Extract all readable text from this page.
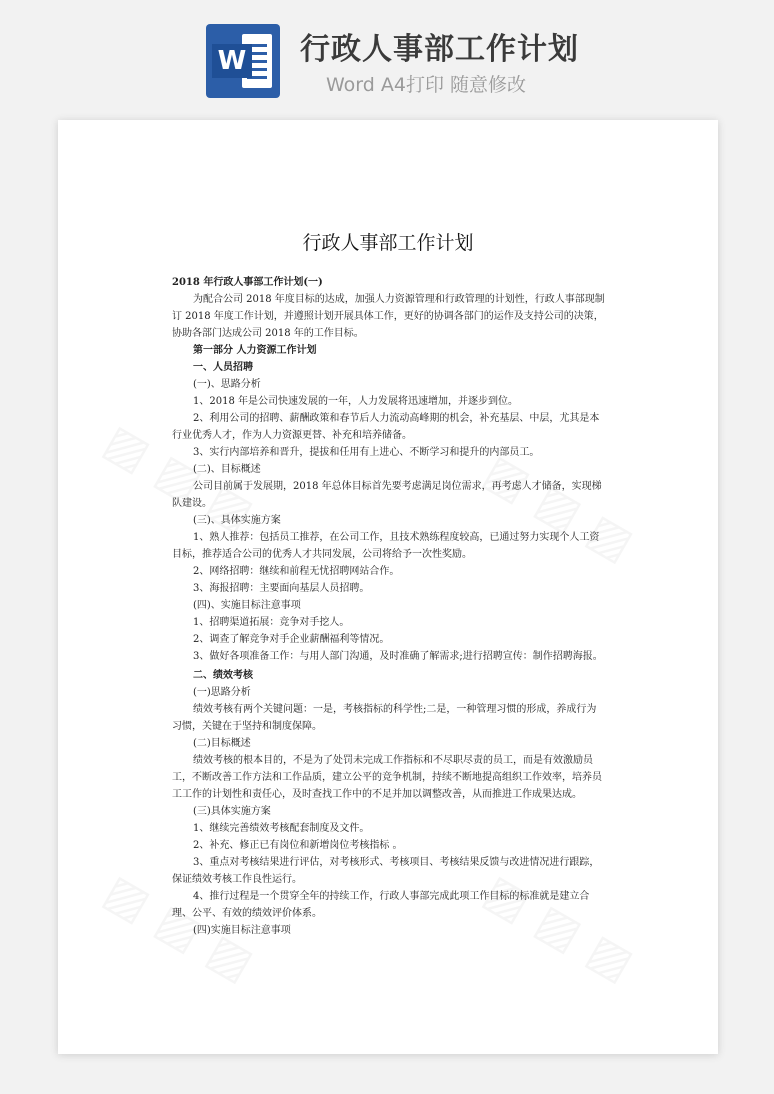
W 行政人事部工作计划
Word A4打印 随意修改
行政人事部工作计划

2018 年行政人事部工作计划(一)

为配合公司 2018 年度目标的达成，加强人力资源管理和行政管理的计划性，行政人事部现制订 2018 年度工作计划，并遵照计划开展具体工作，更好的协调各部门的运作及支持公司的决策，协助各部门达成公司 2018 年的工作目标。

第一部分 人力资源工作计划

一、人员招聘

(一)、思路分析

1、2018 年是公司快速发展的一年，人力发展将迅速增加，并逐步到位。

2、利用公司的招聘、薪酬政策和春节后人力流动高峰期的机会，补充基层、中层，尤其是本行业优秀人才，作为人力资源更替、补充和培养储备。

3、实行内部培养和晋升，提拔和任用有上进心、不断学习和提升的内部员工。

(二)、目标概述

公司目前属于发展期，2018 年总体目标首先要考虑满足岗位需求，再考虑人才储备，实现梯队建设。

(三)、具体实施方案

1、熟人推荐：包括员工推荐，在公司工作，且技术熟练程度较高，已通过努力实现个人工资目标，推荐适合公司的优秀人才共同发展，公司将给予一次性奖励。

2、网络招聘：继续和前程无忧招聘网站合作。

3、海报招聘：主要面向基层人员招聘。

(四)、实施目标注意事项

1、招聘渠道拓展：竞争对手挖人。

2、调查了解竞争对手企业薪酬福利等情况。

3、做好各项准备工作：与用人部门沟通，及时准确了解需求;进行招聘宣传：制作招聘海报。

二、绩效考核

(一)思路分析

绩效考核有两个关键问题：一是，考核指标的科学性;二是，一种管理习惯的形成，养成行为习惯，关键在于坚持和制度保障。

(二)目标概述

绩效考核的根本目的，不是为了处罚未完成工作指标和不尽职尽责的员工，而是有效激励员工，不断改善工作方法和工作品质，建立公平的竞争机制，持续不断地提高组织工作效率，培养员工工作的计划性和责任心，及时查找工作中的不足并加以调整改善，从而推进工作成果达成。

(三)具体实施方案

1、继续完善绩效考核配套制度及文件。

2、补充、修正已有岗位和新增岗位考核指标 。

3、重点对考核结果进行评估，对考核形式、考核项目、考核结果反馈与改进情况进行跟踪，保证绩效考核工作良性运行。

4、推行过程是一个贯穿全年的持续工作，行政人事部完成此项工作目标的标准就是建立合理、公平、有效的绩效评价体系。

(四)实施目标注意事项
